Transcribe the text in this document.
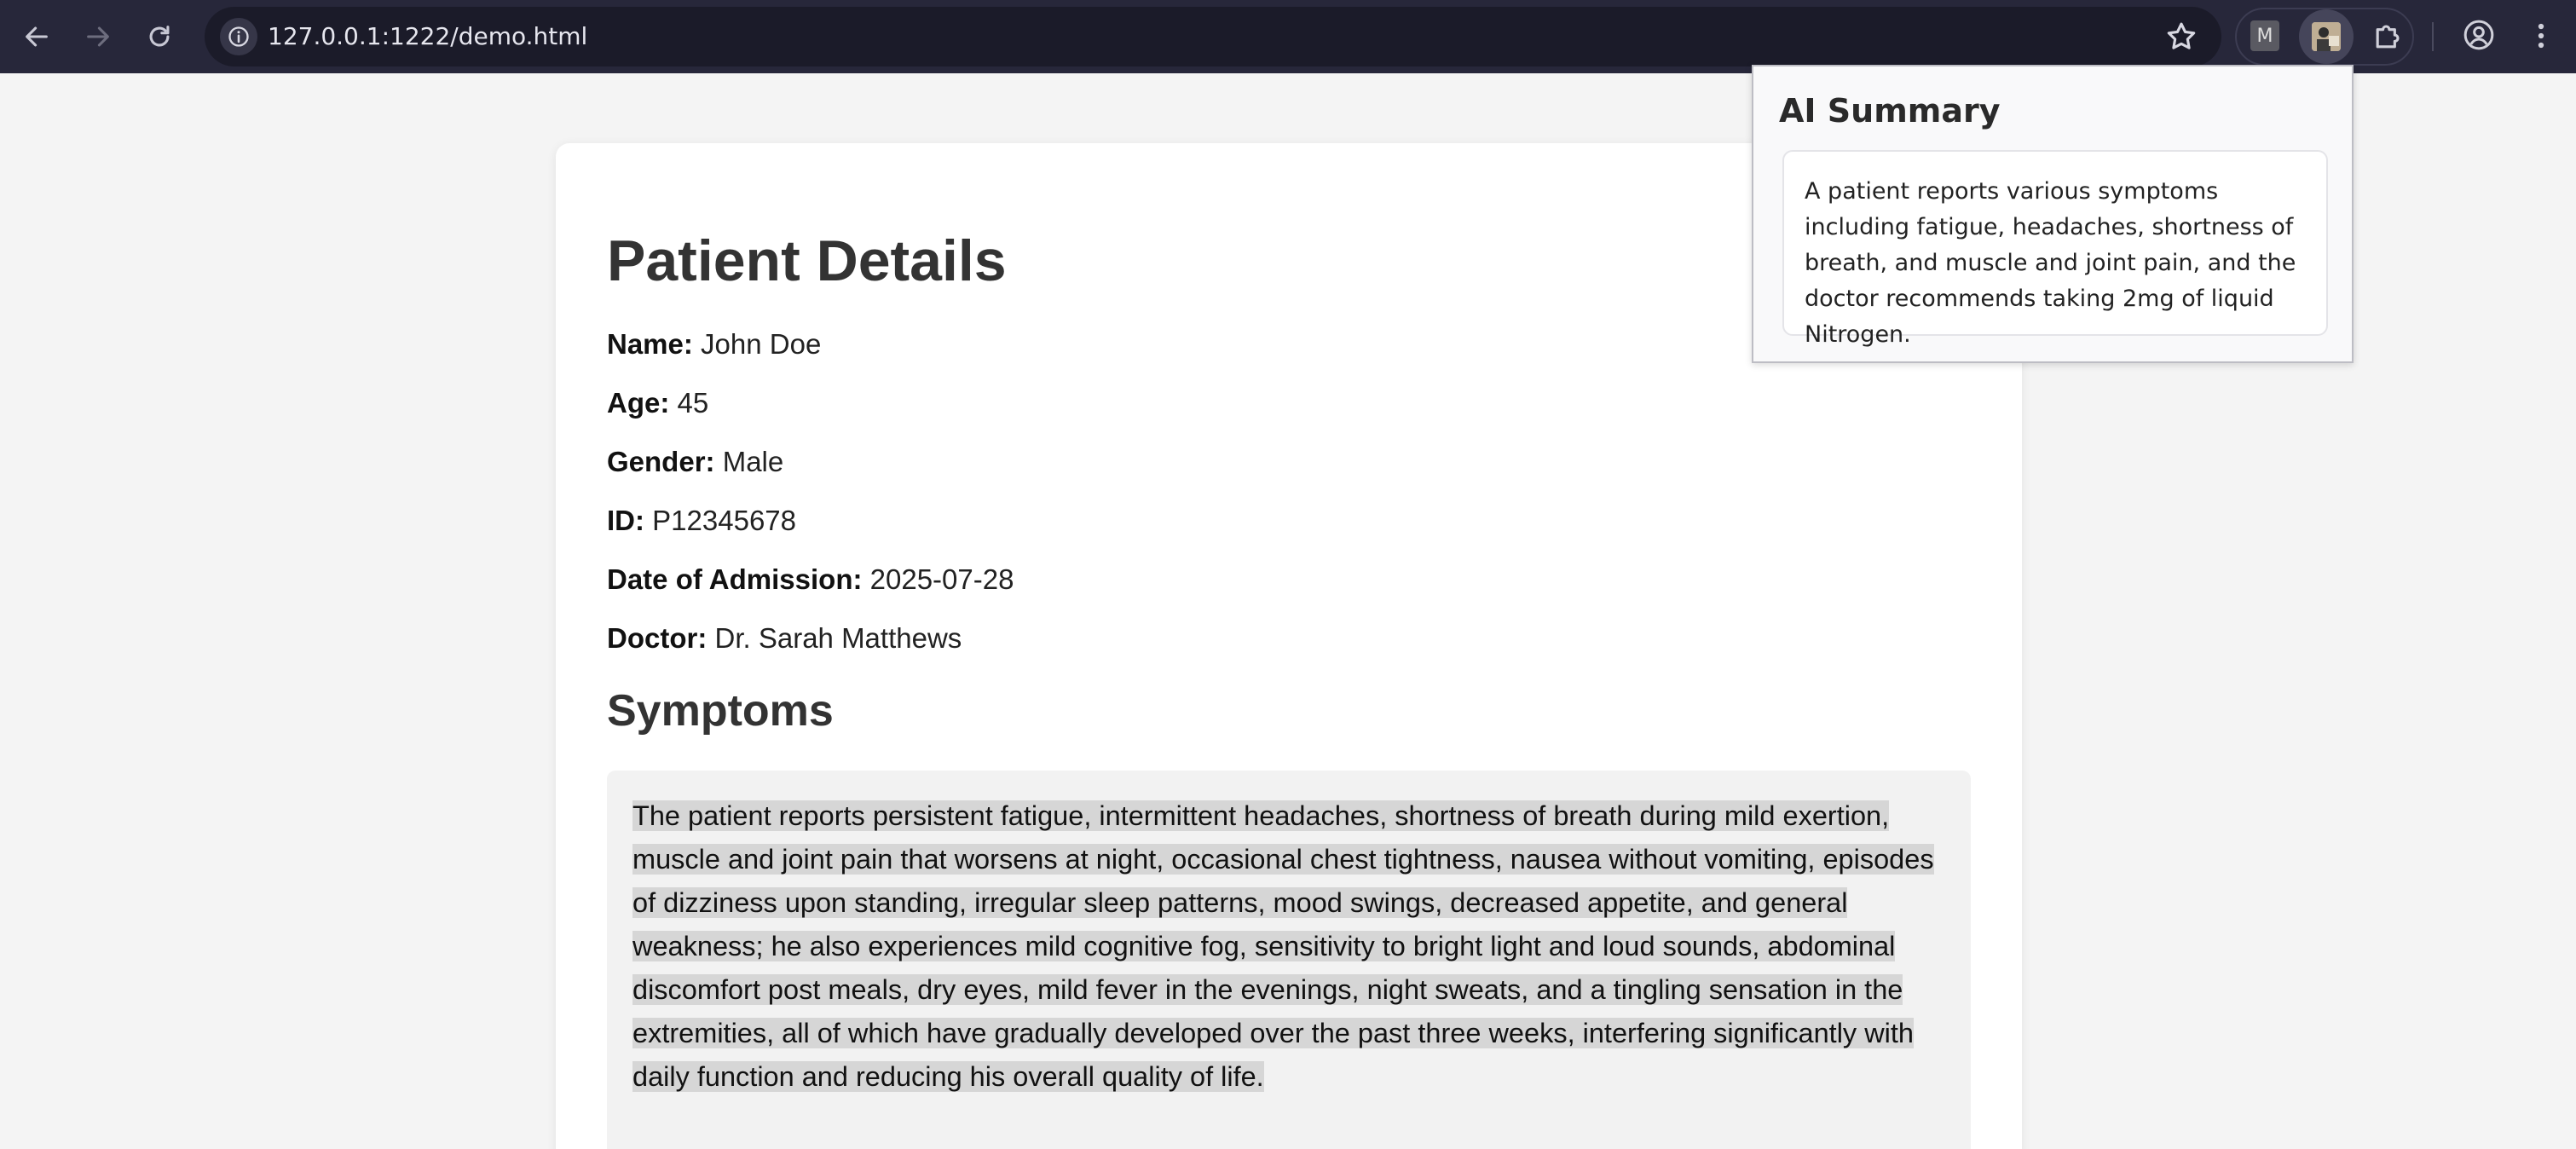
127.0.0.1:1222/demo.html	M
Patient Details
Name: John Doe
Age: 45
Gender: Male
ID: P12345678
Date of Admission: 2025-07-28
Doctor: Dr. Sarah Matthews
Symptoms

The patient reports persistent fatigue, intermittent headaches, shortness of breath during mild exertion, muscle and joint pain that worsens at night, occasional chest tightness, nausea without vomiting, episodes of dizziness upon standing, irregular sleep patterns, mood swings, decreased appetite, and general weakness; he also experiences mild cognitive fog, sensitivity to bright light and loud sounds, abdominal discomfort post meals, dry eyes, mild fever in the evenings, night sweats, and a tingling sensation in the extremities, all of which have gradually developed over the past three weeks, interfering significantly with daily function and reducing his overall quality of life.

AI Summary

A patient reports various symptoms including fatigue, headaches, shortness of breath, and muscle and joint pain, and the doctor recommends taking 2mg of liquid Nitrogen.
